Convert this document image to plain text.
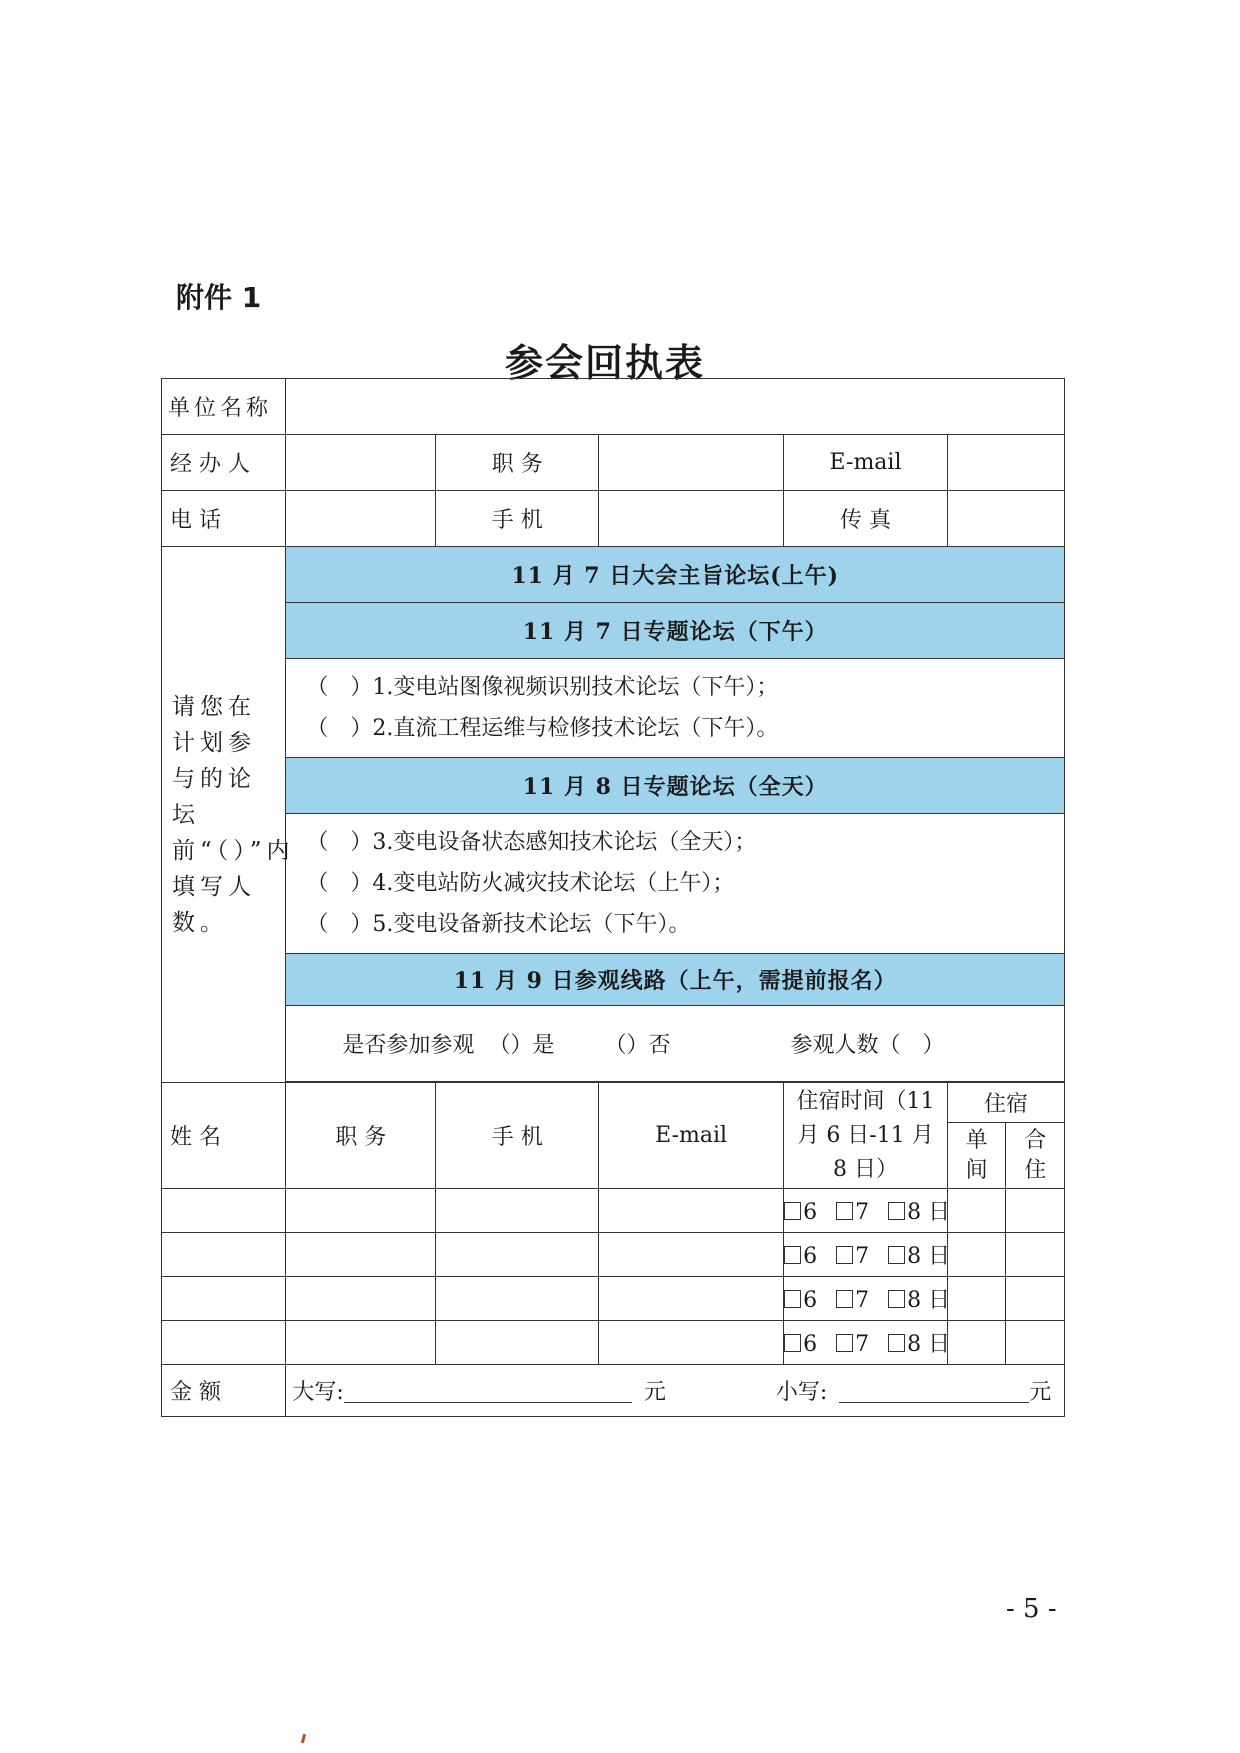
附件 1
参会回执表
单位名称						

经 办 人		职 务		E-mail		

电 话		手 机		传 真		
请您在计划参与的论坛前“（）”内填写人数。	11 月 7 日大会主旨论坛(上午)					
	11 月 7 日专题论坛（下午）					

	（　）1.变电站图像视频识别技术论坛（下午）；
（　）2.直流工程运维与检修技术论坛（下午）。					

	11 月 8 日专题论坛（全天）					

	（　）3.变电设备状态感知技术论坛（全天）；
（　）4.变电站防火减灾技术论坛（上午）；
（　）5.变电设备新技术论坛（下午）。					

	11 月 9 日参观线路（上午，需提前报名）					

	是否参加参观 （）是 （）否 参观人数（　）					

姓 名	职 务	手 机	E-mail	住宿时间（11 月 6 日-11 月 8 日）	住宿	
					单间	合住
				6 7 8 日		
				6 7 8 日		
				6 7 8 日		
				6 7 8 日		

金 额	大写: 元 小写: 元					
- 5 -
